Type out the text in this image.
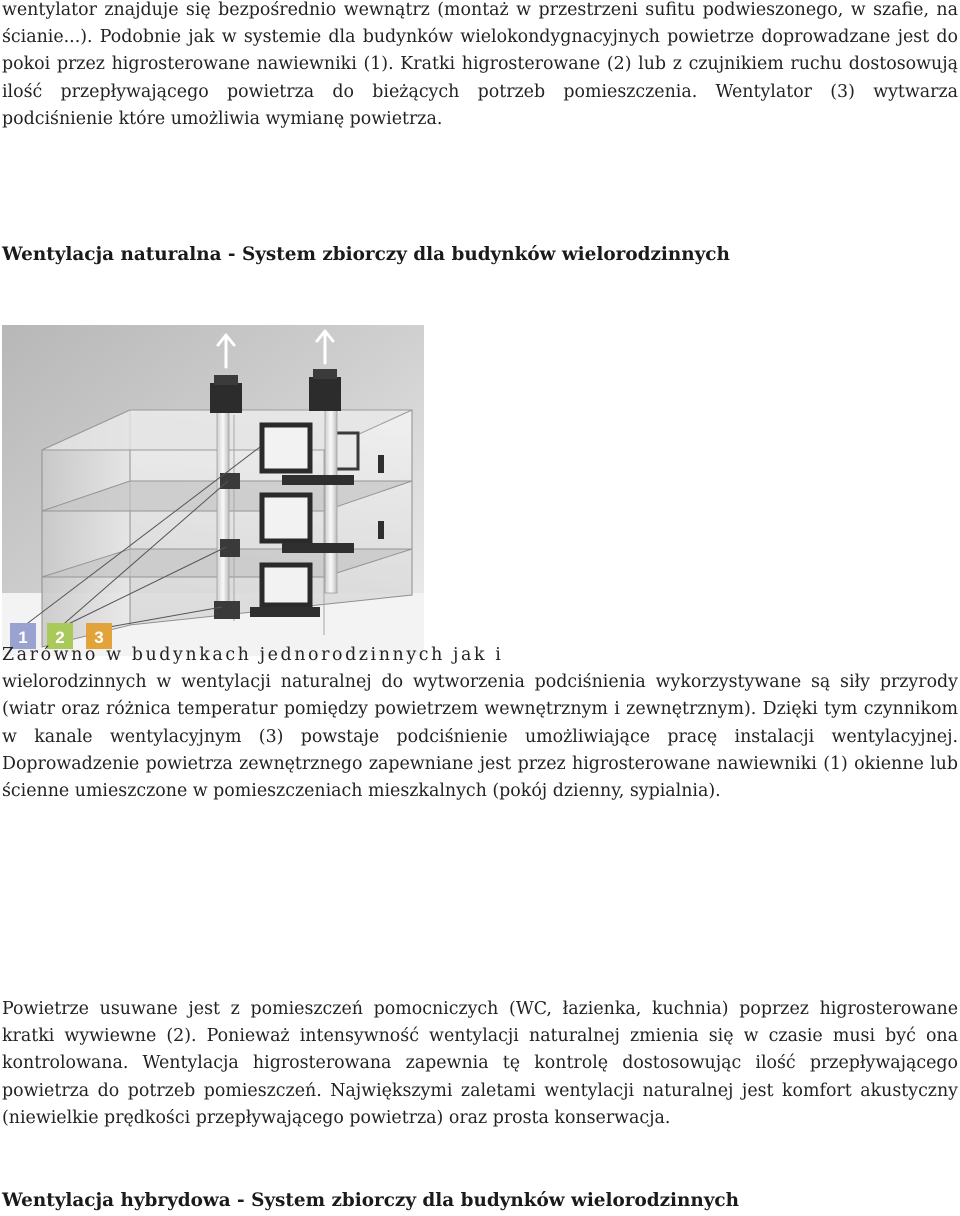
wentylator znajduje się bezpośrednio wewnątrz (montaż w przestrzeni sufitu podwieszonego, w szafie, na ścianie...). Podobnie jak w systemie dla budynków wielokondygnacyjnych powietrze doprowadzane jest do pokoi przez higrosterowane nawiewniki (1). Kratki higrosterowane (2) lub z czujnikiem ruchu dostosowują ilość przepływającego powietrza do bieżących potrzeb pomieszczenia. Wentylator (3) wytwarza podciśnienie które umożliwia wymianę powietrza.

Wentylacja naturalna - System zbiorczy dla budynków wielorodzinnych
1 2 3

Zarówno w budynkach jednorodzinnych jak i
wielorodzinnych w wentylacji naturalnej do wytworzenia podciśnienia wykorzystywane są siły przyrody (wiatr oraz różnica temperatur pomiędzy powietrzem wewnętrznym i zewnętrznym). Dzięki tym czynnikom w kanale wentylacyjnym (3) powstaje podciśnienie umożliwiające pracę instalacji wentylacyjnej. Doprowadzenie powietrza zewnętrznego zapewniane jest przez higrosterowane nawiewniki (1) okienne lub ścienne umieszczone w pomieszczeniach mieszkalnych (pokój dzienny, sypialnia).

Powietrze usuwane jest z pomieszczeń pomocniczych (WC, łazienka, kuchnia) poprzez higrosterowane kratki wywiewne (2). Ponieważ intensywność wentylacji naturalnej zmienia się w czasie musi być ona kontrolowana. Wentylacja higrosterowana zapewnia tę kontrolę dostosowując ilość przepływającego powietrza do potrzeb pomieszczeń. Największymi zaletami wentylacji naturalnej jest komfort akustyczny (niewielkie prędkości przepływającego powietrza) oraz prosta konserwacja.

Wentylacja hybrydowa - System zbiorczy dla budynków wielorodzinnych
